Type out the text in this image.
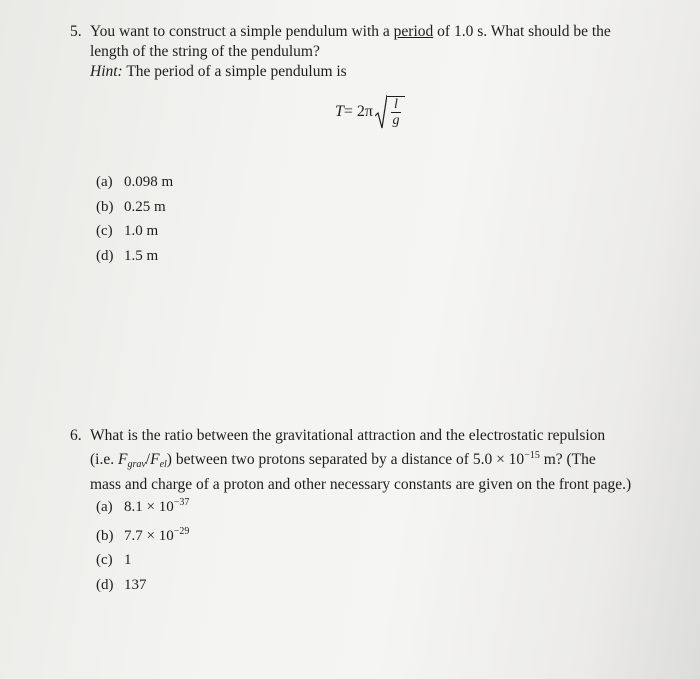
5. You want to construct a simple pendulum with a period of 1.0 s. What should be the
length of the string of the pendulum?
Hint: The period of a simple pendulum is
$T = 2\pi \frac{l}{g}$
(a) 0.098 m
(b) 0.25 m
(c) 1.0 m
(d) 1.5 m
6. What is the ratio between the gravitational attraction and the electrostatic repulsion
(i.e. $F_{grav}/F_{el}$) between two protons separated by a distance of $5.0 \times 10^{-15}$ m? (The
mass and charge of a proton and other necessary constants are given on the front page.)
(a) $8.1 \times 10^{-37}$
(b) $7.7 \times 10^{-29}$
(c) 1
(d) 137
